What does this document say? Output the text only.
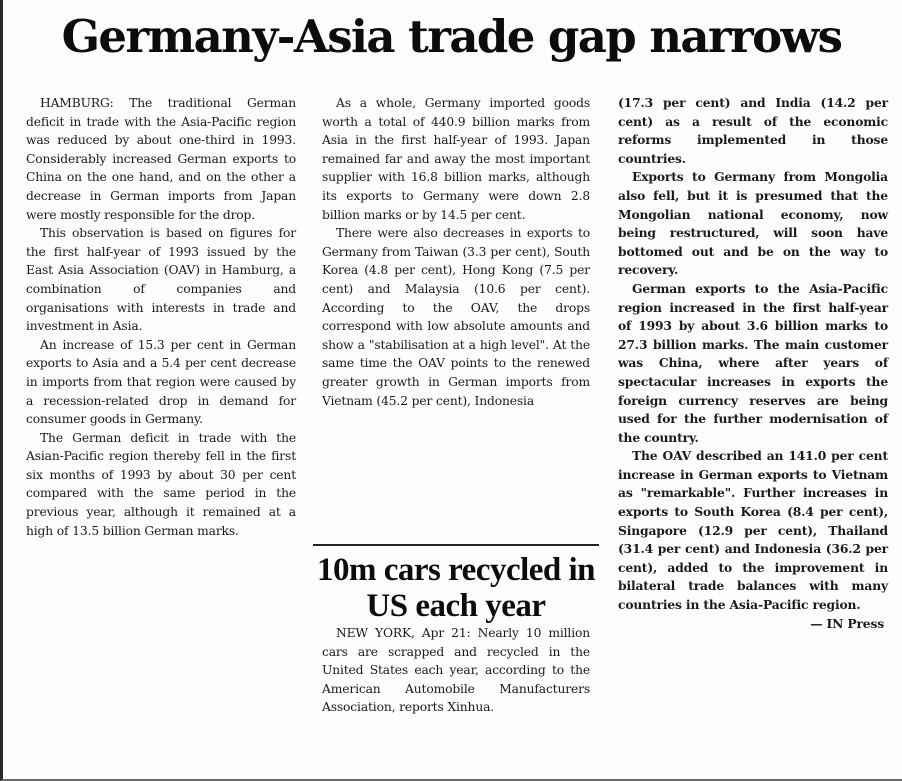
Germany-Asia trade gap narrows

HAMBURG: The traditional German deficit in trade with the Asia-Pacific region was reduced by about one-third in 1993. Considerably increased German exports to China on the one hand, and on the other a decrease in German imports from Japan were mostly responsible for the drop.

This observation is based on figures for the first half-year of 1993 issued by the East Asia Association (OAV) in Hamburg, a combination of companies and organisations with interests in trade and investment in Asia.

An increase of 15.3 per cent in German exports to Asia and a 5.4 per cent decrease in imports from that region were caused by a recession-related drop in demand for consumer goods in Germany.

The German deficit in trade with the Asian-Pacific region thereby fell in the first six months of 1993 by about 30 per cent compared with the same period in the previous year, although it remained at a high of 13.5 billion German marks.

As a whole, Germany imported goods worth a total of 440.9 billion marks from Asia in the first half-year of 1993. Japan remained far and away the most important supplier with 16.8 billion marks, although its exports to Germany were down 2.8 billion marks or by 14.5 per cent.

There were also decreases in exports to Germany from Taiwan (3.3 per cent), South Korea (4.8 per cent), Hong Kong (7.5 per cent) and Malaysia (10.6 per cent). According to the OAV, the drops correspond with low absolute amounts and show a "stabilisation at a high level". At the same time the OAV points to the renewed greater growth in German imports from Vietnam (45.2 per cent), Indonesia

10m cars recycled in US each year

NEW YORK, Apr 21: Nearly 10 million cars are scrapped and recycled in the United States each year, according to the American Automobile Manufacturers Association, reports Xinhua.

(17.3 per cent) and India (14.2 per cent) as a result of the economic reforms implemented in those countries.

Exports to Germany from Mongolia also fell, but it is presumed that the Mongolian national economy, now being restructured, will soon have bottomed out and be on the way to recovery.

German exports to the Asia-Pacific region increased in the first half-year of 1993 by about 3.6 billion marks to 27.3 billion marks. The main customer was China, where after years of spectacular increases in exports the foreign currency reserves are being used for the further modernisation of the country.

The OAV described an 141.0 per cent increase in German exports to Vietnam as "remarkable". Further increases in exports to South Korea (8.4 per cent), Singapore (12.9 per cent), Thailand (31.4 per cent) and Indonesia (36.2 per cent), added to the improvement in bilateral trade balances with many countries in the Asia-Pacific region.

— IN Press
